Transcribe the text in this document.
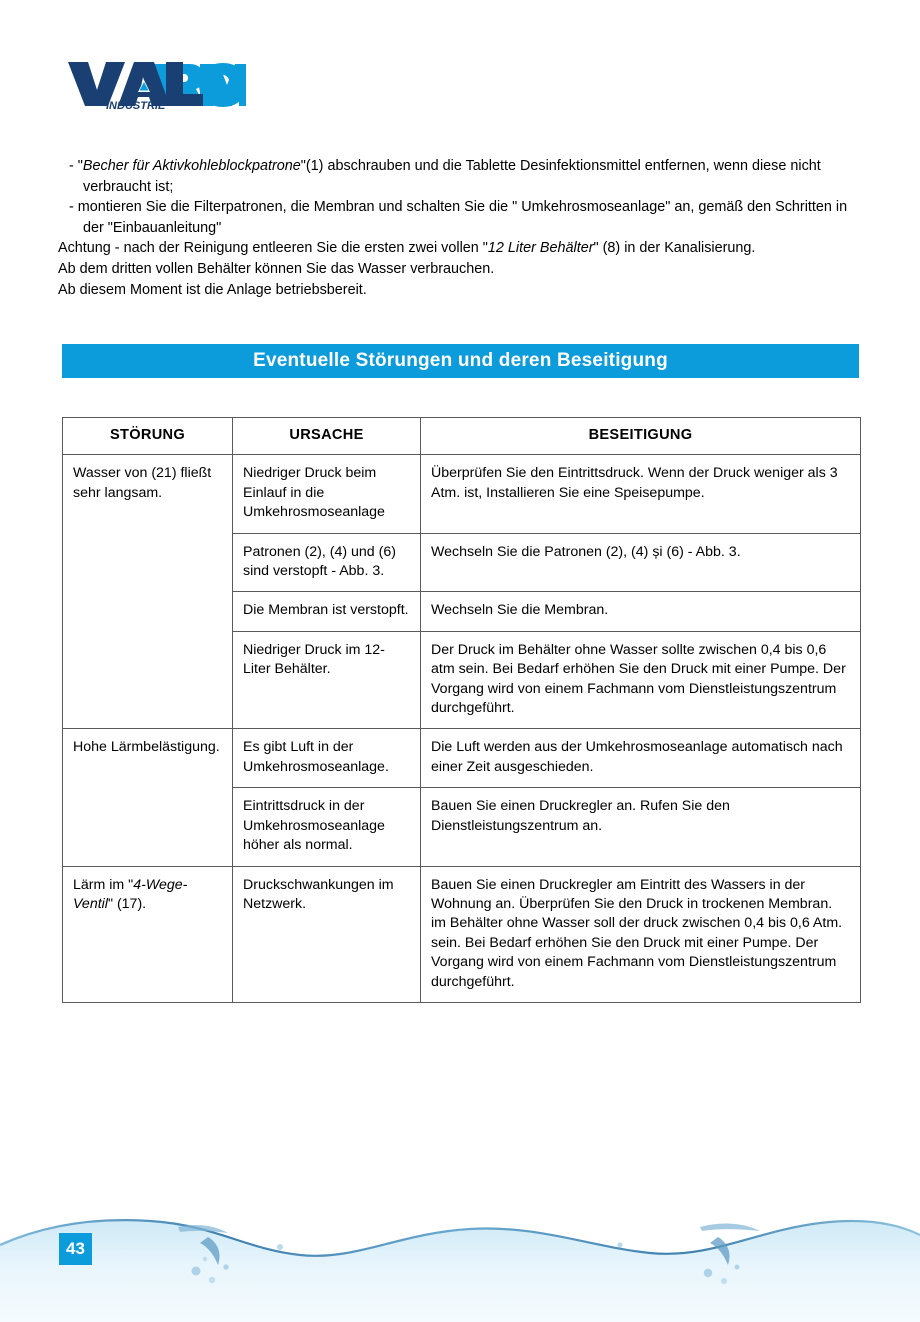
INDUSTRIE
- "Becher für Aktivkohleblockpatrone"(1) abschrauben und die Tablette Desinfektionsmittel entfernen, wenn diese nicht verbraucht ist;
- montieren Sie die Filterpatronen, die Membran und schalten Sie die " Umkehrosmoseanlage" an, gemäß den Schritten in der "Einbauanleitung"
Achtung - nach der Reinigung entleeren Sie die ersten zwei vollen "12 Liter Behälter" (8) in der Kanalisierung.
Ab dem dritten vollen Behälter können Sie das Wasser verbrauchen.
Ab diesem Moment ist die Anlage betriebsbereit.
Eventuelle Störungen und deren Beseitigung
STÖRUNG	URSACHE	BESEITIGUNG
Wasser von (21) fließt sehr langsam.	Niedriger Druck beim Einlauf in die Umkehrosmoseanlage	Überprüfen Sie den Eintrittsdruck. Wenn der Druck weniger als 3 Atm. ist, Installieren Sie eine Speisepumpe.
	Patronen (2), (4) und (6) sind verstopft - Abb. 3.	Wechseln Sie die Patronen (2), (4) și (6) - Abb. 3.
	Die Membran ist verstopft.	Wechseln Sie die Membran.
	Niedriger Druck im 12-Liter Behälter.	Der Druck im Behälter ohne Wasser sollte zwischen 0,4 bis 0,6 atm sein. Bei Bedarf erhöhen Sie den Druck mit einer Pumpe. Der Vorgang wird von einem Fachmann vom Dienstleistungszentrum durchgeführt.
Hohe Lärmbelästigung.	Es gibt Luft in der Umkehrosmoseanlage.	Die Luft werden aus der Umkehrosmoseanlage automatisch nach einer Zeit ausgeschieden.
	Eintrittsdruck in der Umkehrosmoseanlage höher als normal.	Bauen Sie einen Druckregler an. Rufen Sie den Dienstleistungszentrum an.
Lärm im "4-Wege-Ventil" (17).	Druckschwankungen im Netzwerk.	Bauen Sie einen Druckregler am Eintritt des Wassers in der Wohnung an. Überprüfen Sie den Druck in trockenen Membran. im Behälter ohne Wasser soll der druck zwischen 0,4 bis 0,6 Atm. sein. Bei Bedarf erhöhen Sie den Druck mit einer Pumpe. Der Vorgang wird von einem Fachmann vom Dienstleistungszentrum durchgeführt.
43
